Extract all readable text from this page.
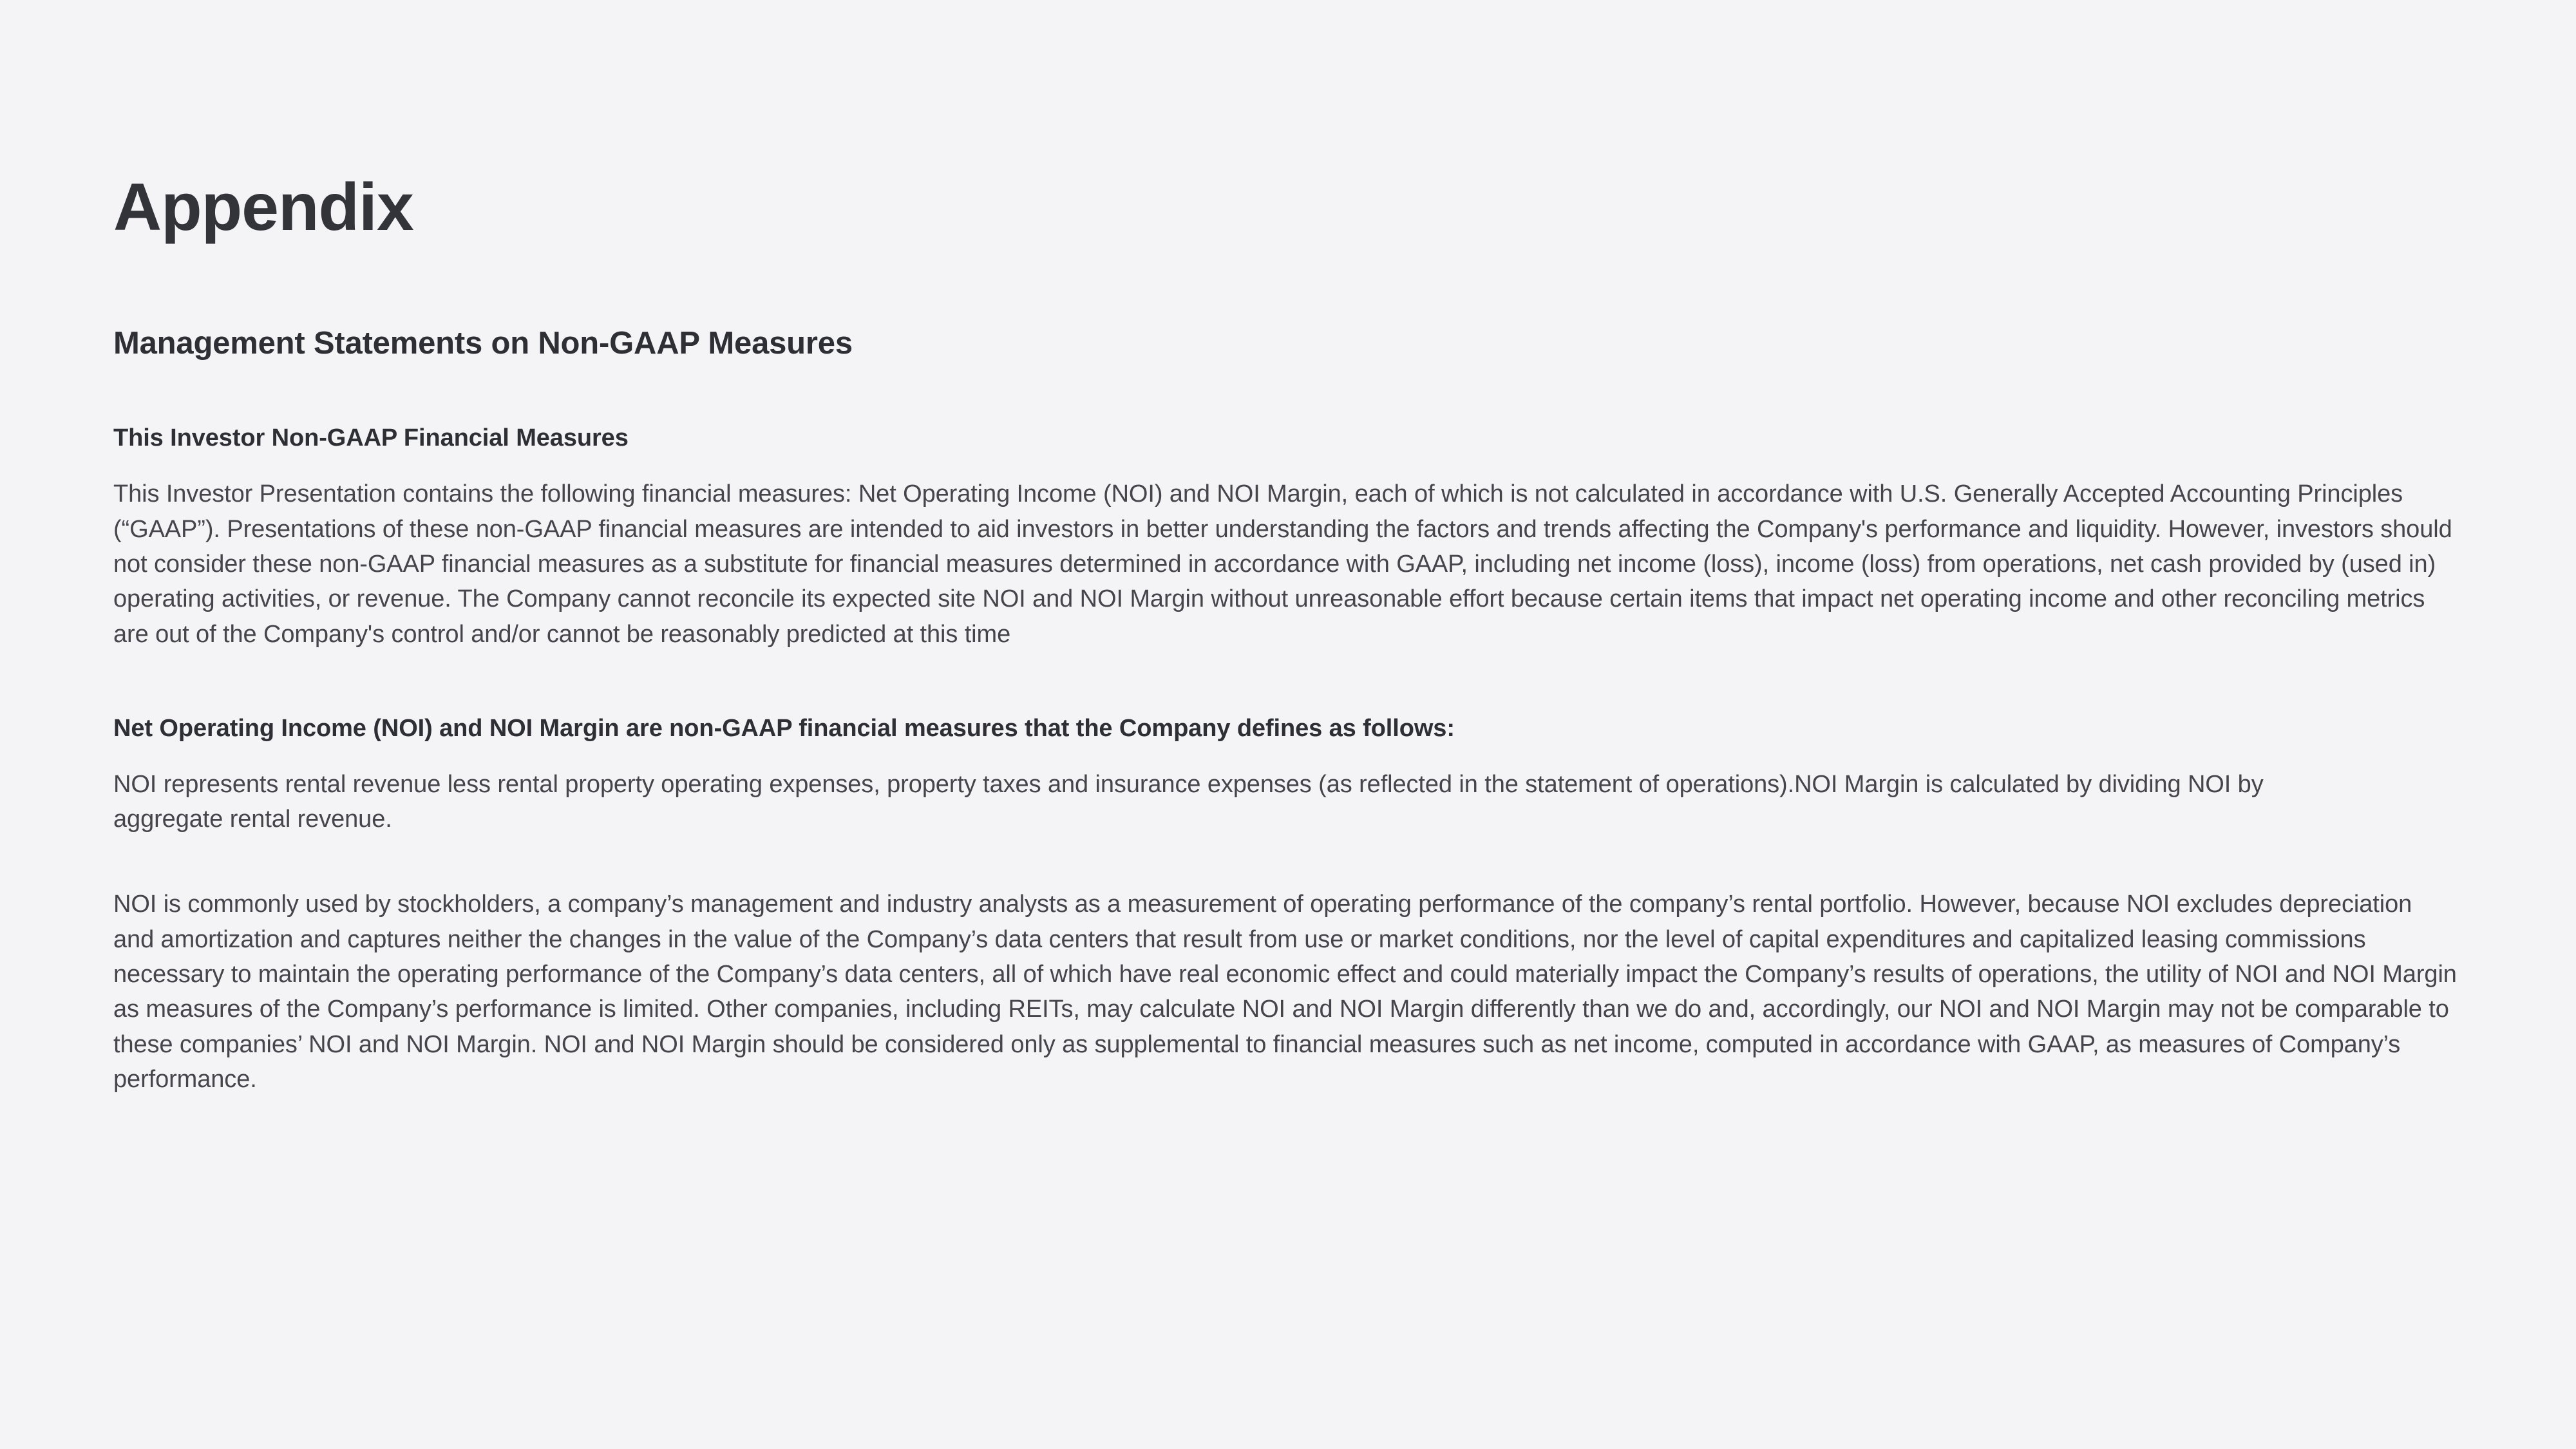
Appendix
Management Statements on Non-GAAP Measures
This Investor Non-GAAP Financial Measures

This Investor Presentation contains the following financial measures: Net Operating Income (NOI) and NOI Margin, each of which is not calculated in accordance with U.S. Generally Accepted Accounting Principles (“GAAP”). Presentations of these non-GAAP financial measures are intended to aid investors in better understanding the factors and trends affecting the Company's performance and liquidity. However, investors should not consider these non-GAAP financial measures as a substitute for financial measures determined in accordance with GAAP, including net income (loss), income (loss) from operations, net cash provided by (used in) operating activities, or revenue. The Company cannot reconcile its expected site NOI and NOI Margin without unreasonable effort because certain items that impact net operating income and other reconciling metrics are out of the Company's control and/or cannot be reasonably predicted at this time

Net Operating Income (NOI) and NOI Margin are non-GAAP financial measures that the Company defines as follows:

NOI represents rental revenue less rental property operating expenses, property taxes and insurance expenses (as reflected in the statement of operations).NOI Margin is calculated by dividing NOI by aggregate rental revenue.

NOI is commonly used by stockholders, a company’s management and industry analysts as a measurement of operating performance of the company’s rental portfolio. However, because NOI excludes depreciation and amortization and captures neither the changes in the value of the Company’s data centers that result from use or market conditions, nor the level of capital expenditures and capitalized leasing commissions necessary to maintain the operating performance of the Company’s data centers, all of which have real economic effect and could materially impact the Company’s results of operations, the utility of NOI and NOI Margin as measures of the Company’s performance is limited. Other companies, including REITs, may calculate NOI and NOI Margin differently than we do and, accordingly, our NOI and NOI Margin may not be comparable to these companies’ NOI and NOI Margin. NOI and NOI Margin should be considered only as supplemental to financial measures such as net income, computed in accordance with GAAP, as measures of Company’s performance.
